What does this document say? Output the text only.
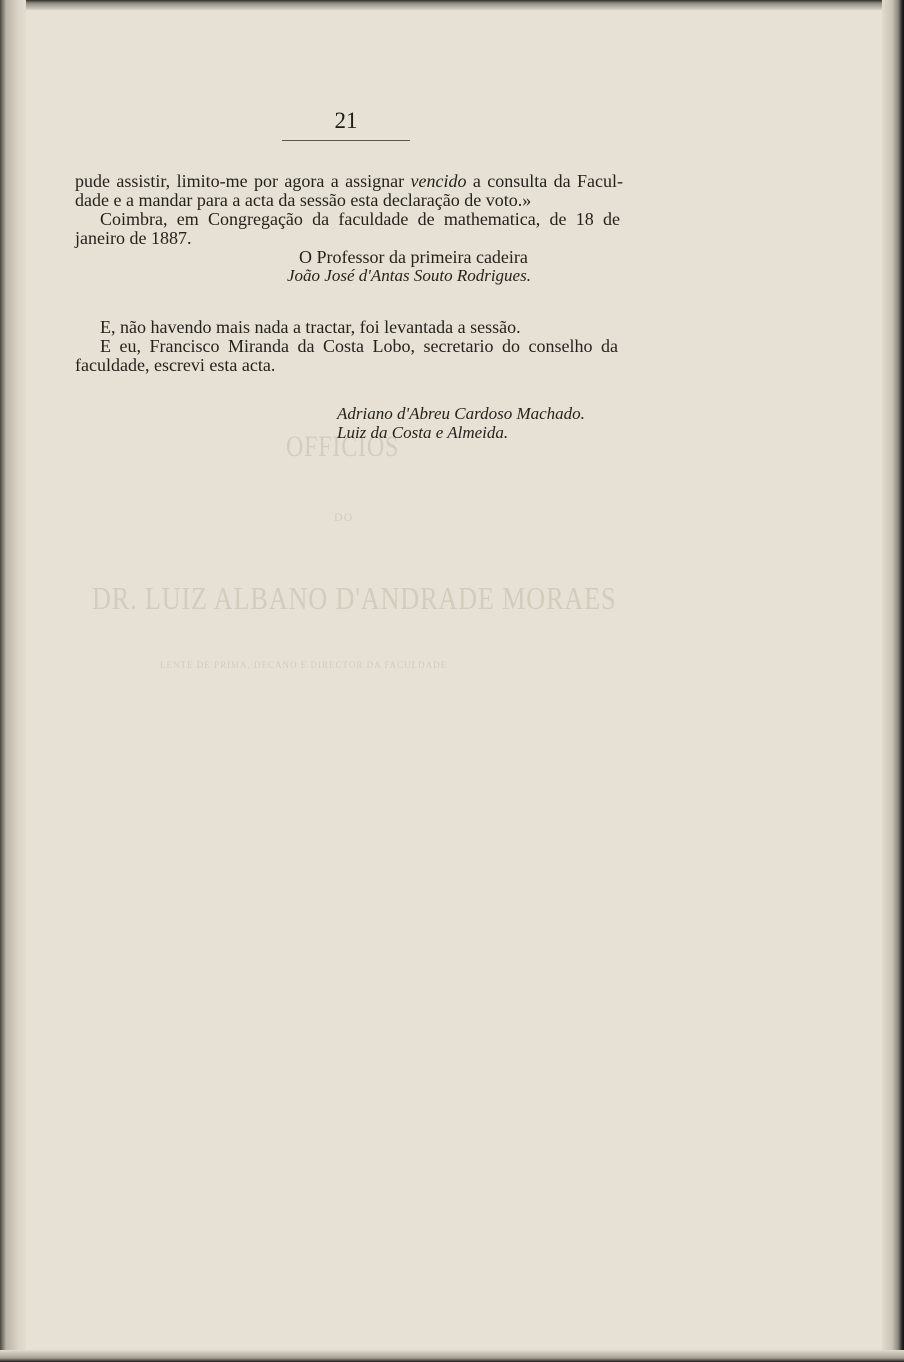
OFFICIOS
DO
DR. LUIZ ALBANO D'ANDRADE MORAES
LENTE DE PRIMA, DECANO E DIRECTOR DA FACULDADE
21
pude assistir, limito-me por agora a assignar vencido a consulta da Facul-
dade e a mandar para a acta da sessão esta declaração de voto.»
Coimbra, em Congregação da faculdade de mathematica, de 18 de
janeiro de 1887.
O Professor da primeira cadeira
João José d'Antas Souto Rodrigues.
E, não havendo mais nada a tractar, foi levantada a sessão.
E eu, Francisco Miranda da Costa Lobo, secretario do conselho da
faculdade, escrevi esta acta.
Adriano d'Abreu Cardoso Machado.
Luiz da Costa e Almeida.
